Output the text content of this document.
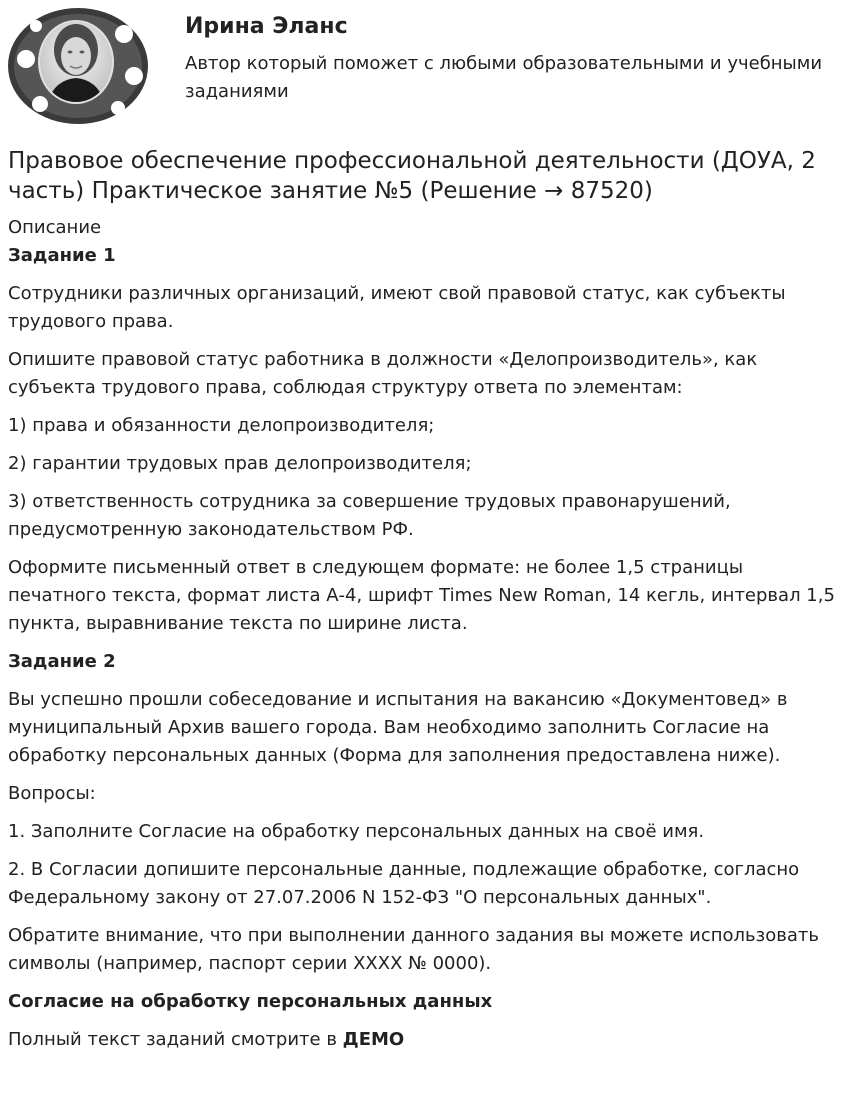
Ирина Эланс

Автор который поможет с любыми образовательными и учебными заданиями

Правовое обеспечение профессиональной деятельности (ДОУА, 2 часть) Практическое занятие №5 (Решение → 87520)
Описание
Задание 1

Сотрудники различных организаций, имеют свой правовой статус, как субъекты трудового права.

Опишите правовой статус работника в должности «Делопроизводитель», как субъекта трудового права, соблюдая структуру ответа по элементам:

1) права и обязанности делопроизводителя;

2) гарантии трудовых прав делопроизводителя;

3) ответственность сотрудника за совершение трудовых правонарушений, предусмотренную законодательством РФ.

Оформите письменный ответ в следующем формате: не более 1,5 страницы печатного текста, формат листа А-4, шрифт Times New Roman, 14 кегль, интервал 1,5 пункта, выравнивание текста по ширине листа.

Задание 2

Вы успешно прошли собеседование и испытания на вакансию «Документовед» в муниципальный Архив вашего города. Вам необходимо заполнить Согласие на обработку персональных данных (Форма для заполнения предоставлена ниже).

Вопросы:

1. Заполните Согласие на обработку персональных данных на своё имя.

2. В Согласии допишите персональные данные, подлежащие обработке, согласно Федеральному закону от 27.07.2006 N 152-ФЗ "О персональных данных".

Обратите внимание, что при выполнении данного задания вы можете использовать символы (например, паспорт серии ХХХХ № 0000).

Согласие на обработку персональных данных

Полный текст заданий смотрите в ДЕМО
